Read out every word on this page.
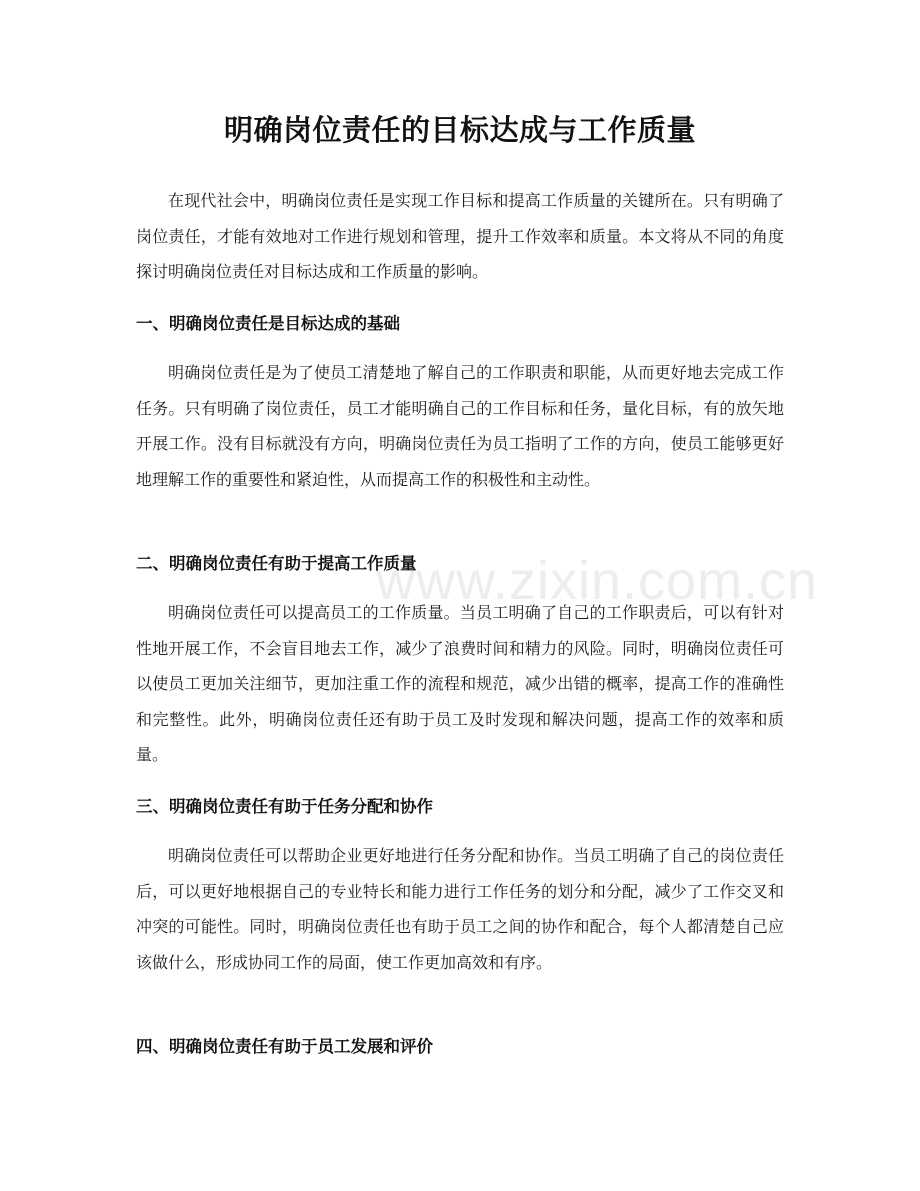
明确岗位责任的目标达成与工作质量

在现代社会中，明确岗位责任是实现工作目标和提高工作质量的关键所在。只有明确了岗位责任，才能有效地对工作进行规划和管理，提升工作效率和质量。本文将从不同的角度探讨明确岗位责任对目标达成和工作质量的影响。

一、明确岗位责任是目标达成的基础

明确岗位责任是为了使员工清楚地了解自己的工作职责和职能，从而更好地去完成工作任务。只有明确了岗位责任，员工才能明确自己的工作目标和任务，量化目标，有的放矢地开展工作。没有目标就没有方向，明确岗位责任为员工指明了工作的方向，使员工能够更好地理解工作的重要性和紧迫性，从而提高工作的积极性和主动性。

二、明确岗位责任有助于提高工作质量

明确岗位责任可以提高员工的工作质量。当员工明确了自己的工作职责后，可以有针对性地开展工作，不会盲目地去工作，减少了浪费时间和精力的风险。同时，明确岗位责任可以使员工更加关注细节，更加注重工作的流程和规范，减少出错的概率，提高工作的准确性和完整性。此外，明确岗位责任还有助于员工及时发现和解决问题，提高工作的效率和质量。

三、明确岗位责任有助于任务分配和协作

明确岗位责任可以帮助企业更好地进行任务分配和协作。当员工明确了自己的岗位责任后，可以更好地根据自己的专业特长和能力进行工作任务的划分和分配，减少了工作交叉和冲突的可能性。同时，明确岗位责任也有助于员工之间的协作和配合，每个人都清楚自己应该做什么，形成协同工作的局面，使工作更加高效和有序。

四、明确岗位责任有助于员工发展和评价
www.zixin.com.cn
